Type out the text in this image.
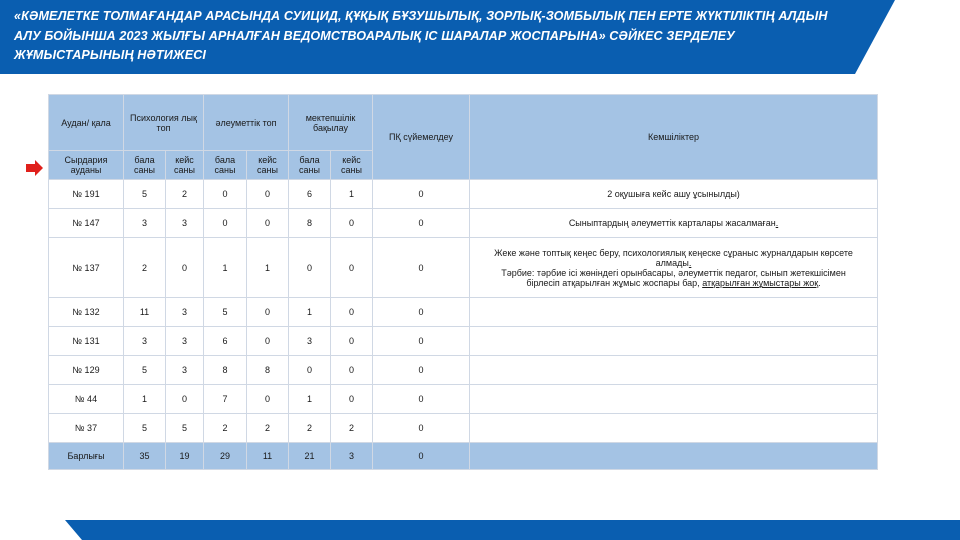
«КӘМЕЛЕТКЕ ТОЛМАҒАНДАР АРАСЫНДА СУИЦИД, ҚҰҚЫҚ БҰЗУШЫЛЫҚ, ЗОРЛЫҚ-ЗОМБЫЛЫҚ ПЕН ЕРТЕ ЖҮКТІЛІКТІҢ АЛДЫН АЛУ БОЙЫНША 2023 ЖЫЛҒЫ АРНАЛҒАН ВЕДОМСТВОАРАЛЫҚ ІС ШАРАЛАР ЖОСПАРЫНА» СӘЙКЕС ЗЕРДЕЛЕУ ЖҰМЫСТАРЫНЫҢ НӘТИЖЕСІ
Аудан/ қала	Психология лық топ		әлеуметтік топ		мектепшілік бақылау		ПҚ сүйемелдеу	Кемшіліктер
Сырдария ауданы	бала саны	кейс саны	бала саны	кейс саны	бала саны	кейс саны		
№ 191	5	2	0	0	6	1	0	2 оқушыға кейс ашу ұсынылды)
№ 147	3	3	0	0	8	0	0	Сыныптардың әлеуметтік карталары жасалмаған.
№ 137	2	0	1	1	0	0	0	Жеке және топтық кеңес беру, психологиялық кеңеске сұраныс журналдарын көрсете алмады.
Тәрбие: тәрбие ісі жөніндегі орынбасары, әлеуметтік педагог, сынып жетекшісімен бірлесіп атқарылған жұмыс жоспары бар, атқарылған жұмыстары жоқ.

№ 132	11	3	5	0	1	0	0	
№ 131	3	3	6	0	3	0	0	
№ 129	5	3	8	8	0	0	0	
№ 44	1	0	7	0	1	0	0	
№ 37	5	5	2	2	2	2	0	
Барлығы	35	19	29	11	21	3	0	
